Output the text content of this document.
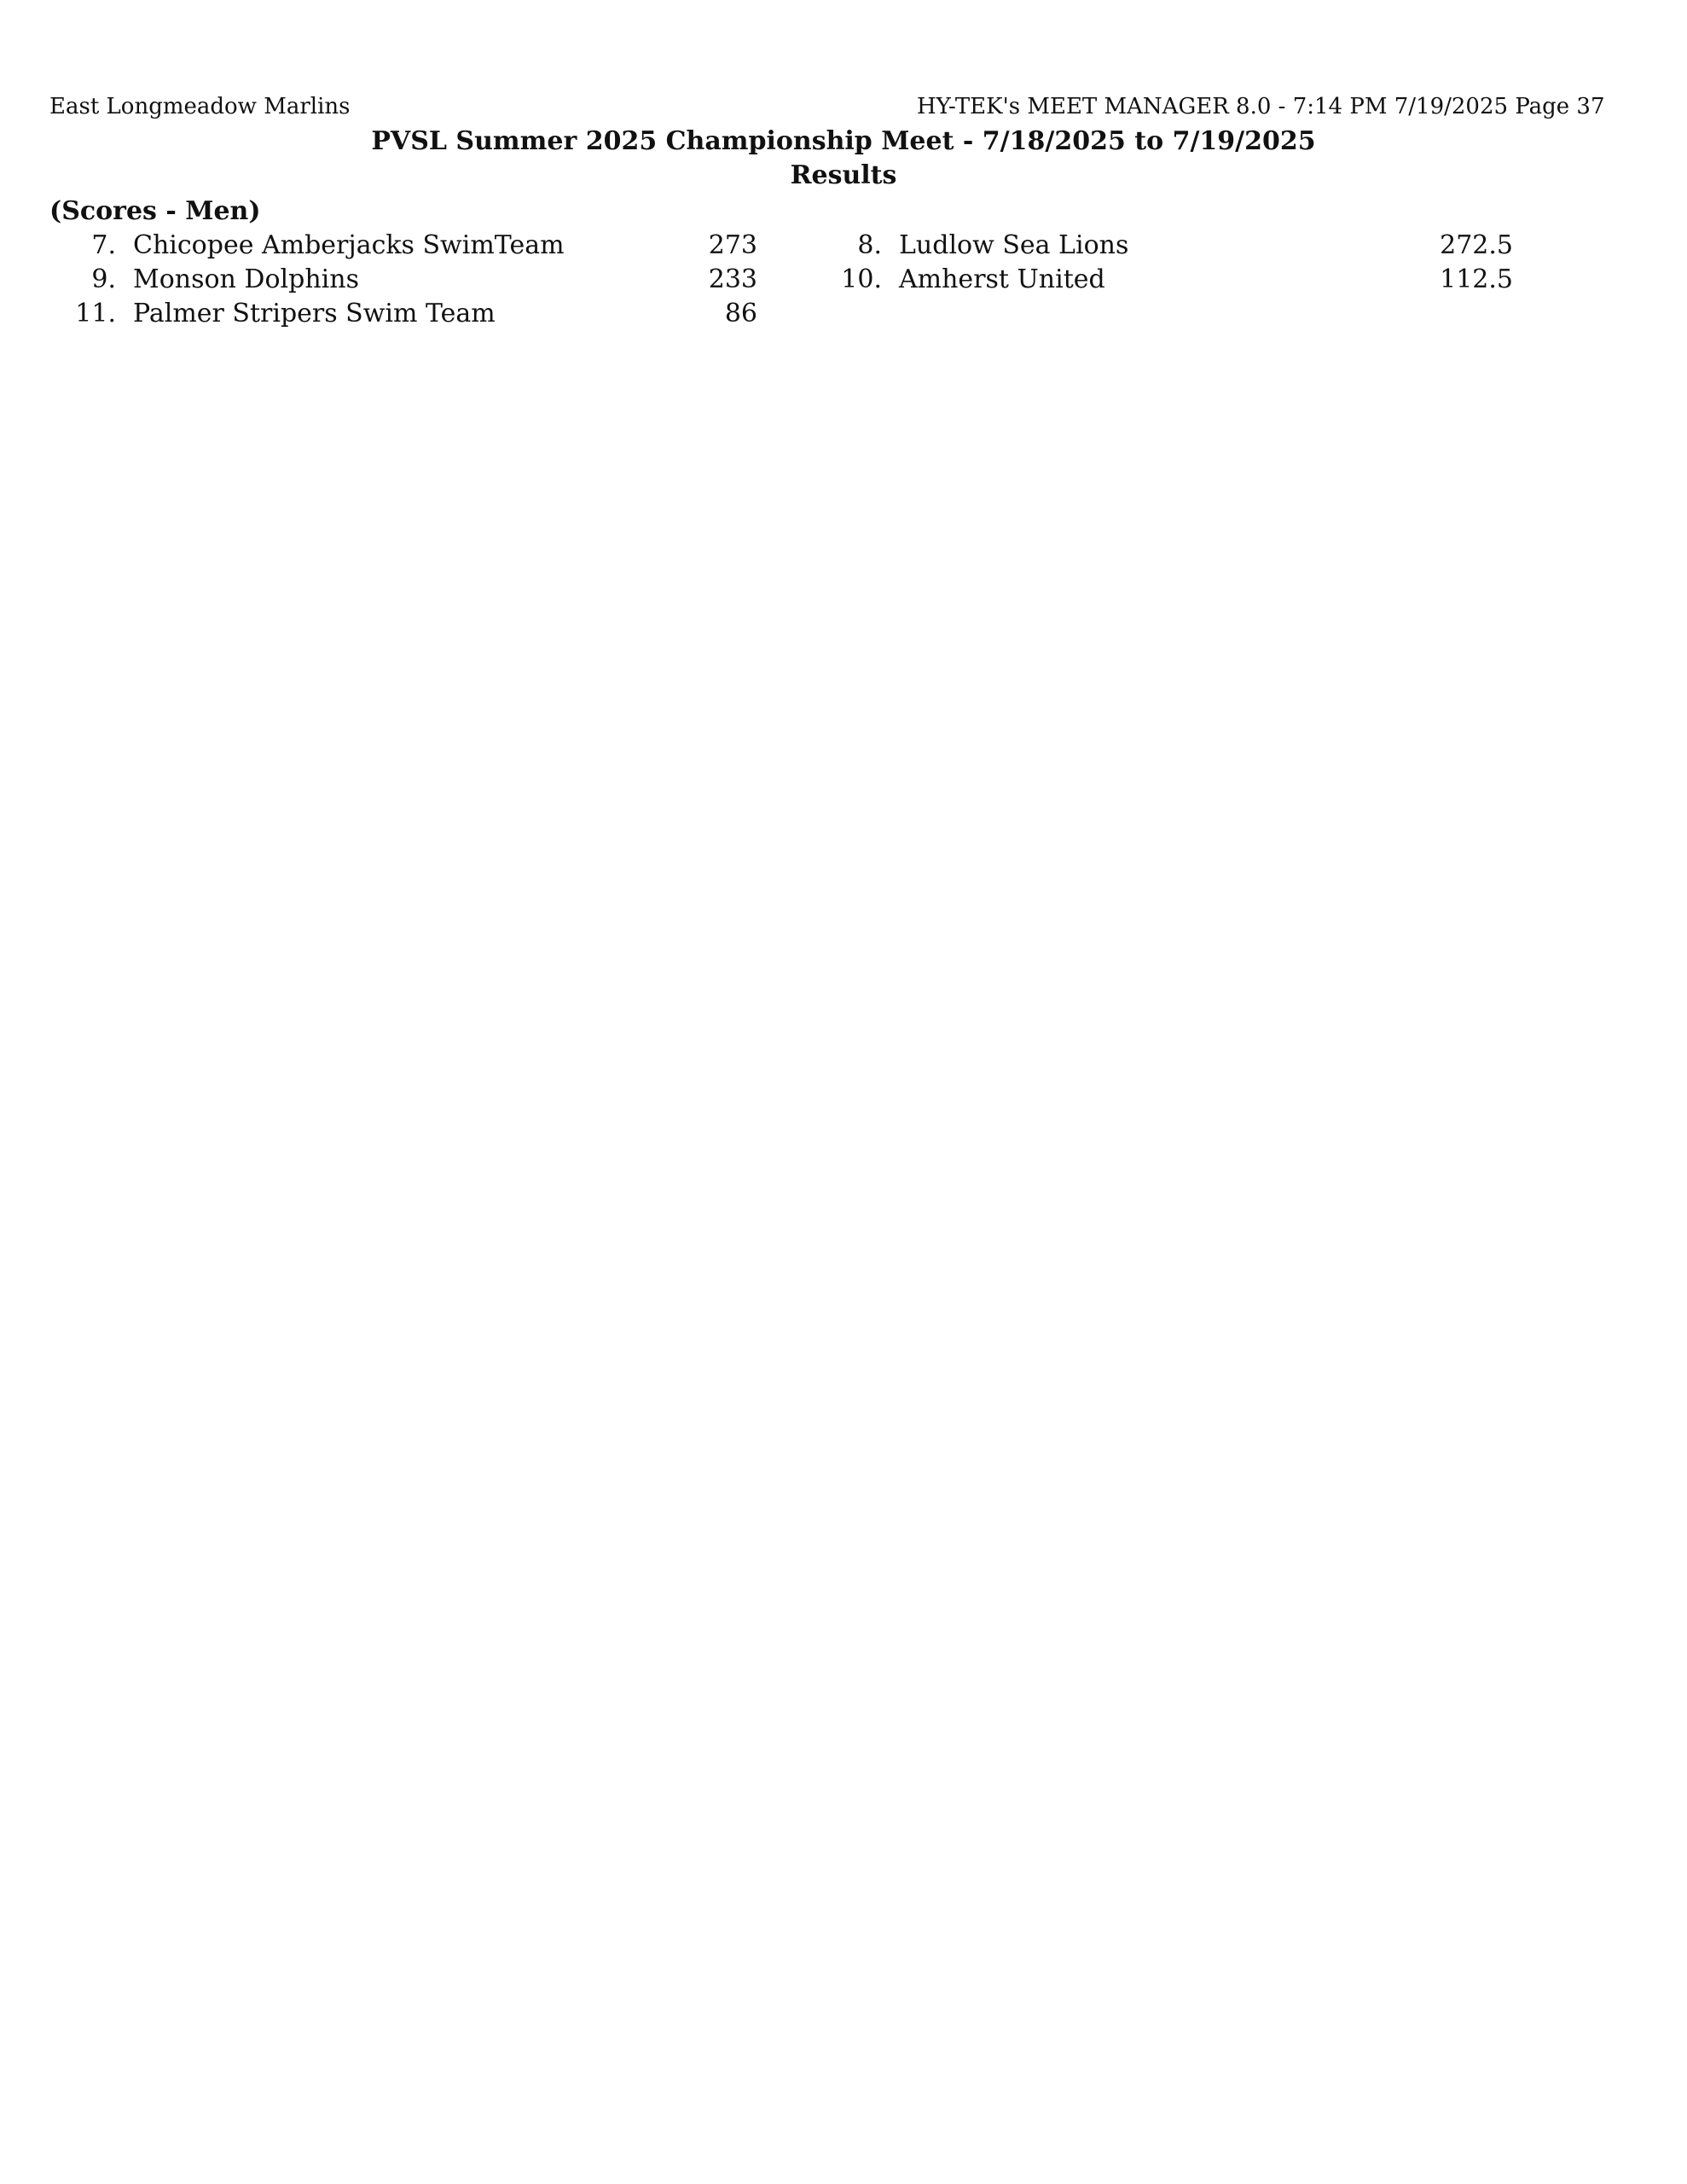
East Longmeadow Marlins	HY-TEK's MEET MANAGER 8.0 - 7:14 PM 7/19/2025 Page 37
PVSL Summer 2025 Championship Meet - 7/18/2025 to 7/19/2025
Results
(Scores - Men)
7. Chicopee Amberjacks SwimTeam	273	8. Ludlow Sea Lions	272.5
9. Monson Dolphins	233	10. Amherst United	112.5
11. Palmer Stripers Swim Team	86
